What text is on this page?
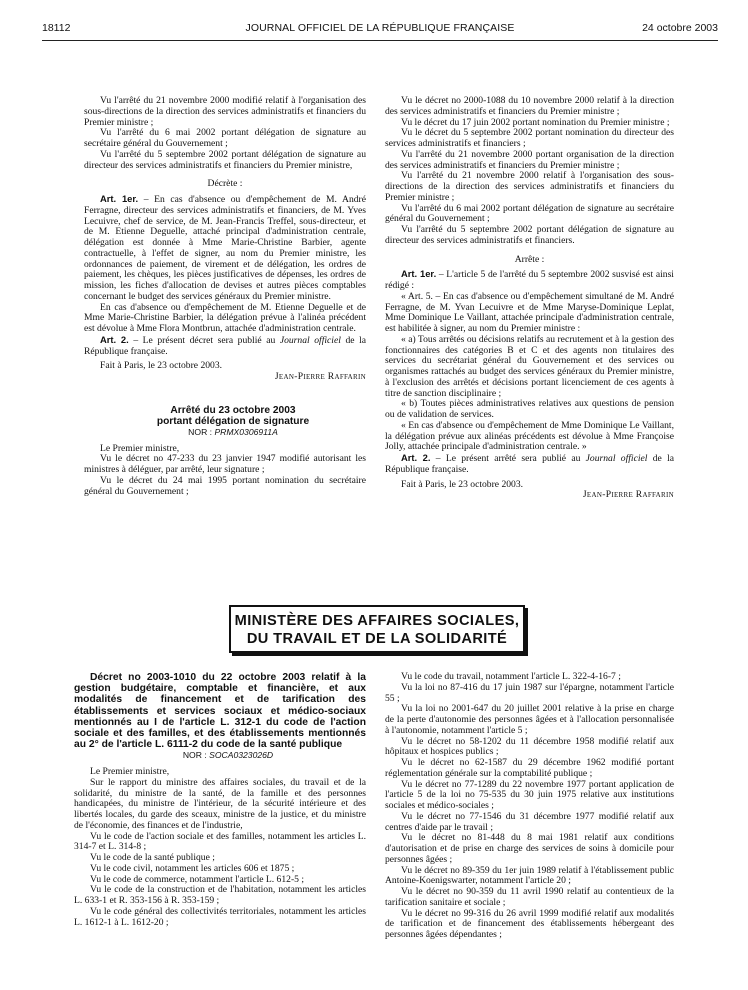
18112	JOURNAL OFFICIEL DE LA RÉPUBLIQUE FRANÇAISE	24 octobre 2003

Vu l'arrêté du 21 novembre 2000 modifié relatif à l'organisation des sous-directions de la direction des services administratifs et financiers du Premier ministre ;

Vu l'arrêté du 6 mai 2002 portant délégation de signature au secrétaire général du Gouvernement ;

Vu l'arrêté du 5 septembre 2002 portant délégation de signature au directeur des services administratifs et financiers du Premier ministre,

Décrète :

Art. 1er. – En cas d'absence ou d'empêchement de M. André Ferragne, directeur des services administratifs et financiers, de M. Yves Lecuivre, chef de service, de M. Jean-Francis Treffel, sous-directeur, et de M. Etienne Deguelle, attaché principal d'administration centrale, délégation est donnée à Mme Marie-Christine Barbier, agente contractuelle, à l'effet de signer, au nom du Premier ministre, les ordonnances de paiement, de virement et de délégation, les ordres de paiement, les chèques, les pièces justificatives de dépenses, les ordres de mission, les fiches d'allocation de devises et autres pièces comptables concernant le budget des services généraux du Premier ministre.

En cas d'absence ou d'empêchement de M. Etienne Deguelle et de Mme Marie-Christine Barbier, la délégation prévue à l'alinéa précédent est dévolue à Mme Flora Montbrun, attachée d'administration centrale.

Art. 2. – Le présent décret sera publié au Journal officiel de la République française.

Fait à Paris, le 23 octobre 2003.

Jean-Pierre Raffarin

Arrêté du 23 octobre 2003

portant délégation de signature

NOR : PRMX0306911A

Le Premier ministre,

Vu le décret no 47-233 du 23 janvier 1947 modifié autorisant les ministres à déléguer, par arrêté, leur signature ;

Vu le décret du 24 mai 1995 portant nomination du secrétaire général du Gouvernement ;

Vu le décret no 2000-1088 du 10 novembre 2000 relatif à la direction des services administratifs et financiers du Premier ministre ;

Vu le décret du 17 juin 2002 portant nomination du Premier ministre ;

Vu le décret du 5 septembre 2002 portant nomination du directeur des services administratifs et financiers ;

Vu l'arrêté du 21 novembre 2000 portant organisation de la direction des services administratifs et financiers du Premier ministre ;

Vu l'arrêté du 21 novembre 2000 relatif à l'organisation des sous-directions de la direction des services administratifs et financiers du Premier ministre ;

Vu l'arrêté du 6 mai 2002 portant délégation de signature au secrétaire général du Gouvernement ;

Vu l'arrêté du 5 septembre 2002 portant délégation de signature au directeur des services administratifs et financiers.

Arrête :

Art. 1er. – L'article 5 de l'arrêté du 5 septembre 2002 susvisé est ainsi rédigé :

« Art. 5. – En cas d'absence ou d'empêchement simultané de M. André Ferragne, de M. Yvan Lecuivre et de Mme Maryse-Dominique Leplat, Mme Dominique Le Vaillant, attachée principale d'administration centrale, est habilitée à signer, au nom du Premier ministre :

« a) Tous arrêtés ou décisions relatifs au recrutement et à la gestion des fonctionnaires des catégories B et C et des agents non titulaires des services du secrétariat général du Gouvernement et des services ou organismes rattachés au budget des services généraux du Premier ministre, à l'exclusion des arrêtés et décisions portant licenciement de ces agents à titre de sanction disciplinaire ;

« b) Toutes pièces administratives relatives aux questions de pension ou de validation de services.

« En cas d'absence ou d'empêchement de Mme Dominique Le Vaillant, la délégation prévue aux alinéas précédents est dévolue à Mme Françoise Jolly, attachée principale d'administration centrale. »

Art. 2. – Le présent arrêté sera publié au Journal officiel de la République française.

Fait à Paris, le 23 octobre 2003.

Jean-Pierre Raffarin

MINISTÈRE DES AFFAIRES SOCIALES,
DU TRAVAIL ET DE LA SOLIDARITÉ

Décret no 2003-1010 du 22 octobre 2003 relatif à la gestion budgétaire, comptable et financière, et aux modalités de financement et de tarification des établissements et services sociaux et médico-sociaux mentionnés au I de l'article L. 312-1 du code de l'action sociale et des familles, et des établissements mentionnés au 2° de l'article L. 6111-2 du code de la santé publique

NOR : SOCA0323026D

Le Premier ministre,

Sur le rapport du ministre des affaires sociales, du travail et de la solidarité, du ministre de la santé, de la famille et des personnes handicapées, du ministre de l'intérieur, de la sécurité intérieure et des libertés locales, du garde des sceaux, ministre de la justice, et du ministre de l'économie, des finances et de l'industrie,

Vu le code de l'action sociale et des familles, notamment les articles L. 314-7 et L. 314-8 ;

Vu le code de la santé publique ;

Vu le code civil, notamment les articles 606 et 1875 ;

Vu le code de commerce, notamment l'article L. 612-5 ;

Vu le code de la construction et de l'habitation, notamment les articles L. 633-1 et R. 353-156 à R. 353-159 ;

Vu le code général des collectivités territoriales, notamment les articles L. 1612-1 à L. 1612-20 ;

Vu le code du travail, notamment l'article L. 322-4-16-7 ;

Vu la loi no 87-416 du 17 juin 1987 sur l'épargne, notamment l'article 55 ;

Vu la loi no 2001-647 du 20 juillet 2001 relative à la prise en charge de la perte d'autonomie des personnes âgées et à l'allocation personnalisée à l'autonomie, notamment l'article 5 ;

Vu le décret no 58-1202 du 11 décembre 1958 modifié relatif aux hôpitaux et hospices publics ;

Vu le décret no 62-1587 du 29 décembre 1962 modifié portant réglementation générale sur la comptabilité publique ;

Vu le décret no 77-1289 du 22 novembre 1977 portant application de l'article 5 de la loi no 75-535 du 30 juin 1975 relative aux institutions sociales et médico-sociales ;

Vu le décret no 77-1546 du 31 décembre 1977 modifié relatif aux centres d'aide par le travail ;

Vu le décret no 81-448 du 8 mai 1981 relatif aux conditions d'autorisation et de prise en charge des services de soins à domicile pour personnes âgées ;

Vu le décret no 89-359 du 1er juin 1989 relatif à l'établissement public Antoine-Koenigswarter, notamment l'article 20 ;

Vu le décret no 90-359 du 11 avril 1990 relatif au contentieux de la tarification sanitaire et sociale ;

Vu le décret no 99-316 du 26 avril 1999 modifié relatif aux modalités de tarification et de financement des établissements hébergeant des personnes âgées dépendantes ;
